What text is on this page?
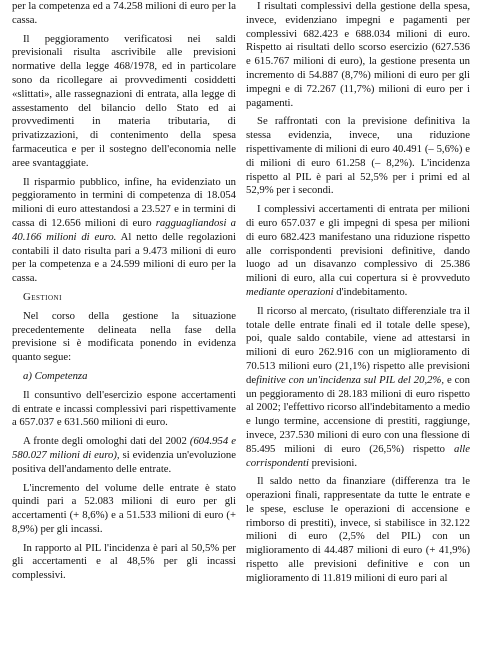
per la competenza ed a 74.258 milioni di euro per la cassa.

Il peggioramento verificatosi nei saldi previsionali risulta ascrivibile alle previsioni normative della legge 468/1978, ed in particolare sono da ricollegare ai provvedimenti cosiddetti «slittati», alle rassegnazioni di entrata, alla legge di assestamento del bilancio dello Stato ed ai provvedimenti in materia tributaria, di privatizzazioni, di contenimento della spesa farmaceutica e per il sostegno dell'economia nelle aree svantaggiate.

Il risparmio pubblico, infine, ha evidenziato un peggioramento in termini di competenza di 18.054 milioni di euro attestandosi a 23.527 e in termini di cassa di 12.656 milioni di euro ragguagliandosi a 40.166 milioni di euro. Al netto delle regolazioni contabili il dato risulta pari a 9.473 milioni di euro per la competenza e a 24.599 milioni di euro per la cassa.

Gestioni

Nel corso della gestione la situazione precedentemente delineata nella fase della previsione si è modificata ponendo in evidenza quanto segue:

a) Competenza

Il consuntivo dell'esercizio espone accertamenti di entrate e incassi complessivi pari rispettivamente a 657.037 e 631.560 milioni di euro.

A fronte degli omologhi dati del 2002 (604.954 e 580.027 milioni di euro), si evidenzia un'evoluzione positiva dell'andamento delle entrate.

L'incremento del volume delle entrate è stato quindi pari a 52.083 milioni di euro per gli accertamenti (+ 8,6%) e a 51.533 milioni di euro (+ 8,9%) per gli incassi.

In rapporto al PIL l'incidenza è pari al 50,5% per gli accertamenti e al 48,5% per gli incassi complessivi.

I risultati complessivi della gestione della spesa, invece, evidenziano impegni e pagamenti per complessivi 682.423 e 688.034 milioni di euro. Rispetto ai risultati dello scorso esercizio (627.536 e 615.767 milioni di euro), la gestione presenta un incremento di 54.887 (8,7%) milioni di euro per gli impegni e di 72.267 (11,7%) milioni di euro per i pagamenti.

Se raffrontati con la previsione definitiva la stessa evidenzia, invece, una riduzione rispettivamente di milioni di euro 40.491 (– 5,6%) e di milioni di euro 61.258 (– 8,2%). L'incidenza rispetto al PIL è pari al 52,5% per i primi ed al 52,9% per i secondi.

I complessivi accertamenti di entrata per milioni di euro 657.037 e gli impegni di spesa per milioni di euro 682.423 manifestano una riduzione rispetto alle corrispondenti previsioni definitive, dando luogo ad un disavanzo complessivo di 25.386 milioni di euro, alla cui copertura si è provveduto mediante operazioni d'indebitamento.

Il ricorso al mercato, (risultato differenziale tra il totale delle entrate finali ed il totale delle spese), poi, quale saldo contabile, viene ad attestarsi in milioni di euro 262.916 con un miglioramento di 70.513 milioni euro (21,1%) rispetto alle previsioni definitive con un'incidenza sul PIL del 20,2%, e con un peggioramento di 28.183 milioni di euro rispetto al 2002; l'effettivo ricorso all'indebitamento a medio e lungo termine, accensione di prestiti, raggiunge, invece, 237.530 milioni di euro con una flessione di 85.495 milioni di euro (26,5%) rispetto alle corrispondenti previsioni.

Il saldo netto da finanziare (differenza tra le operazioni finali, rappresentate da tutte le entrate e le spese, escluse le operazioni di accensione e rimborso di prestiti), invece, si stabilisce in 32.122 milioni di euro (2,5% del PIL) con un miglioramento di 44.487 milioni di euro (+ 41,9%) rispetto alle previsioni definitive e con un miglioramento di 11.819 milioni di euro pari al
